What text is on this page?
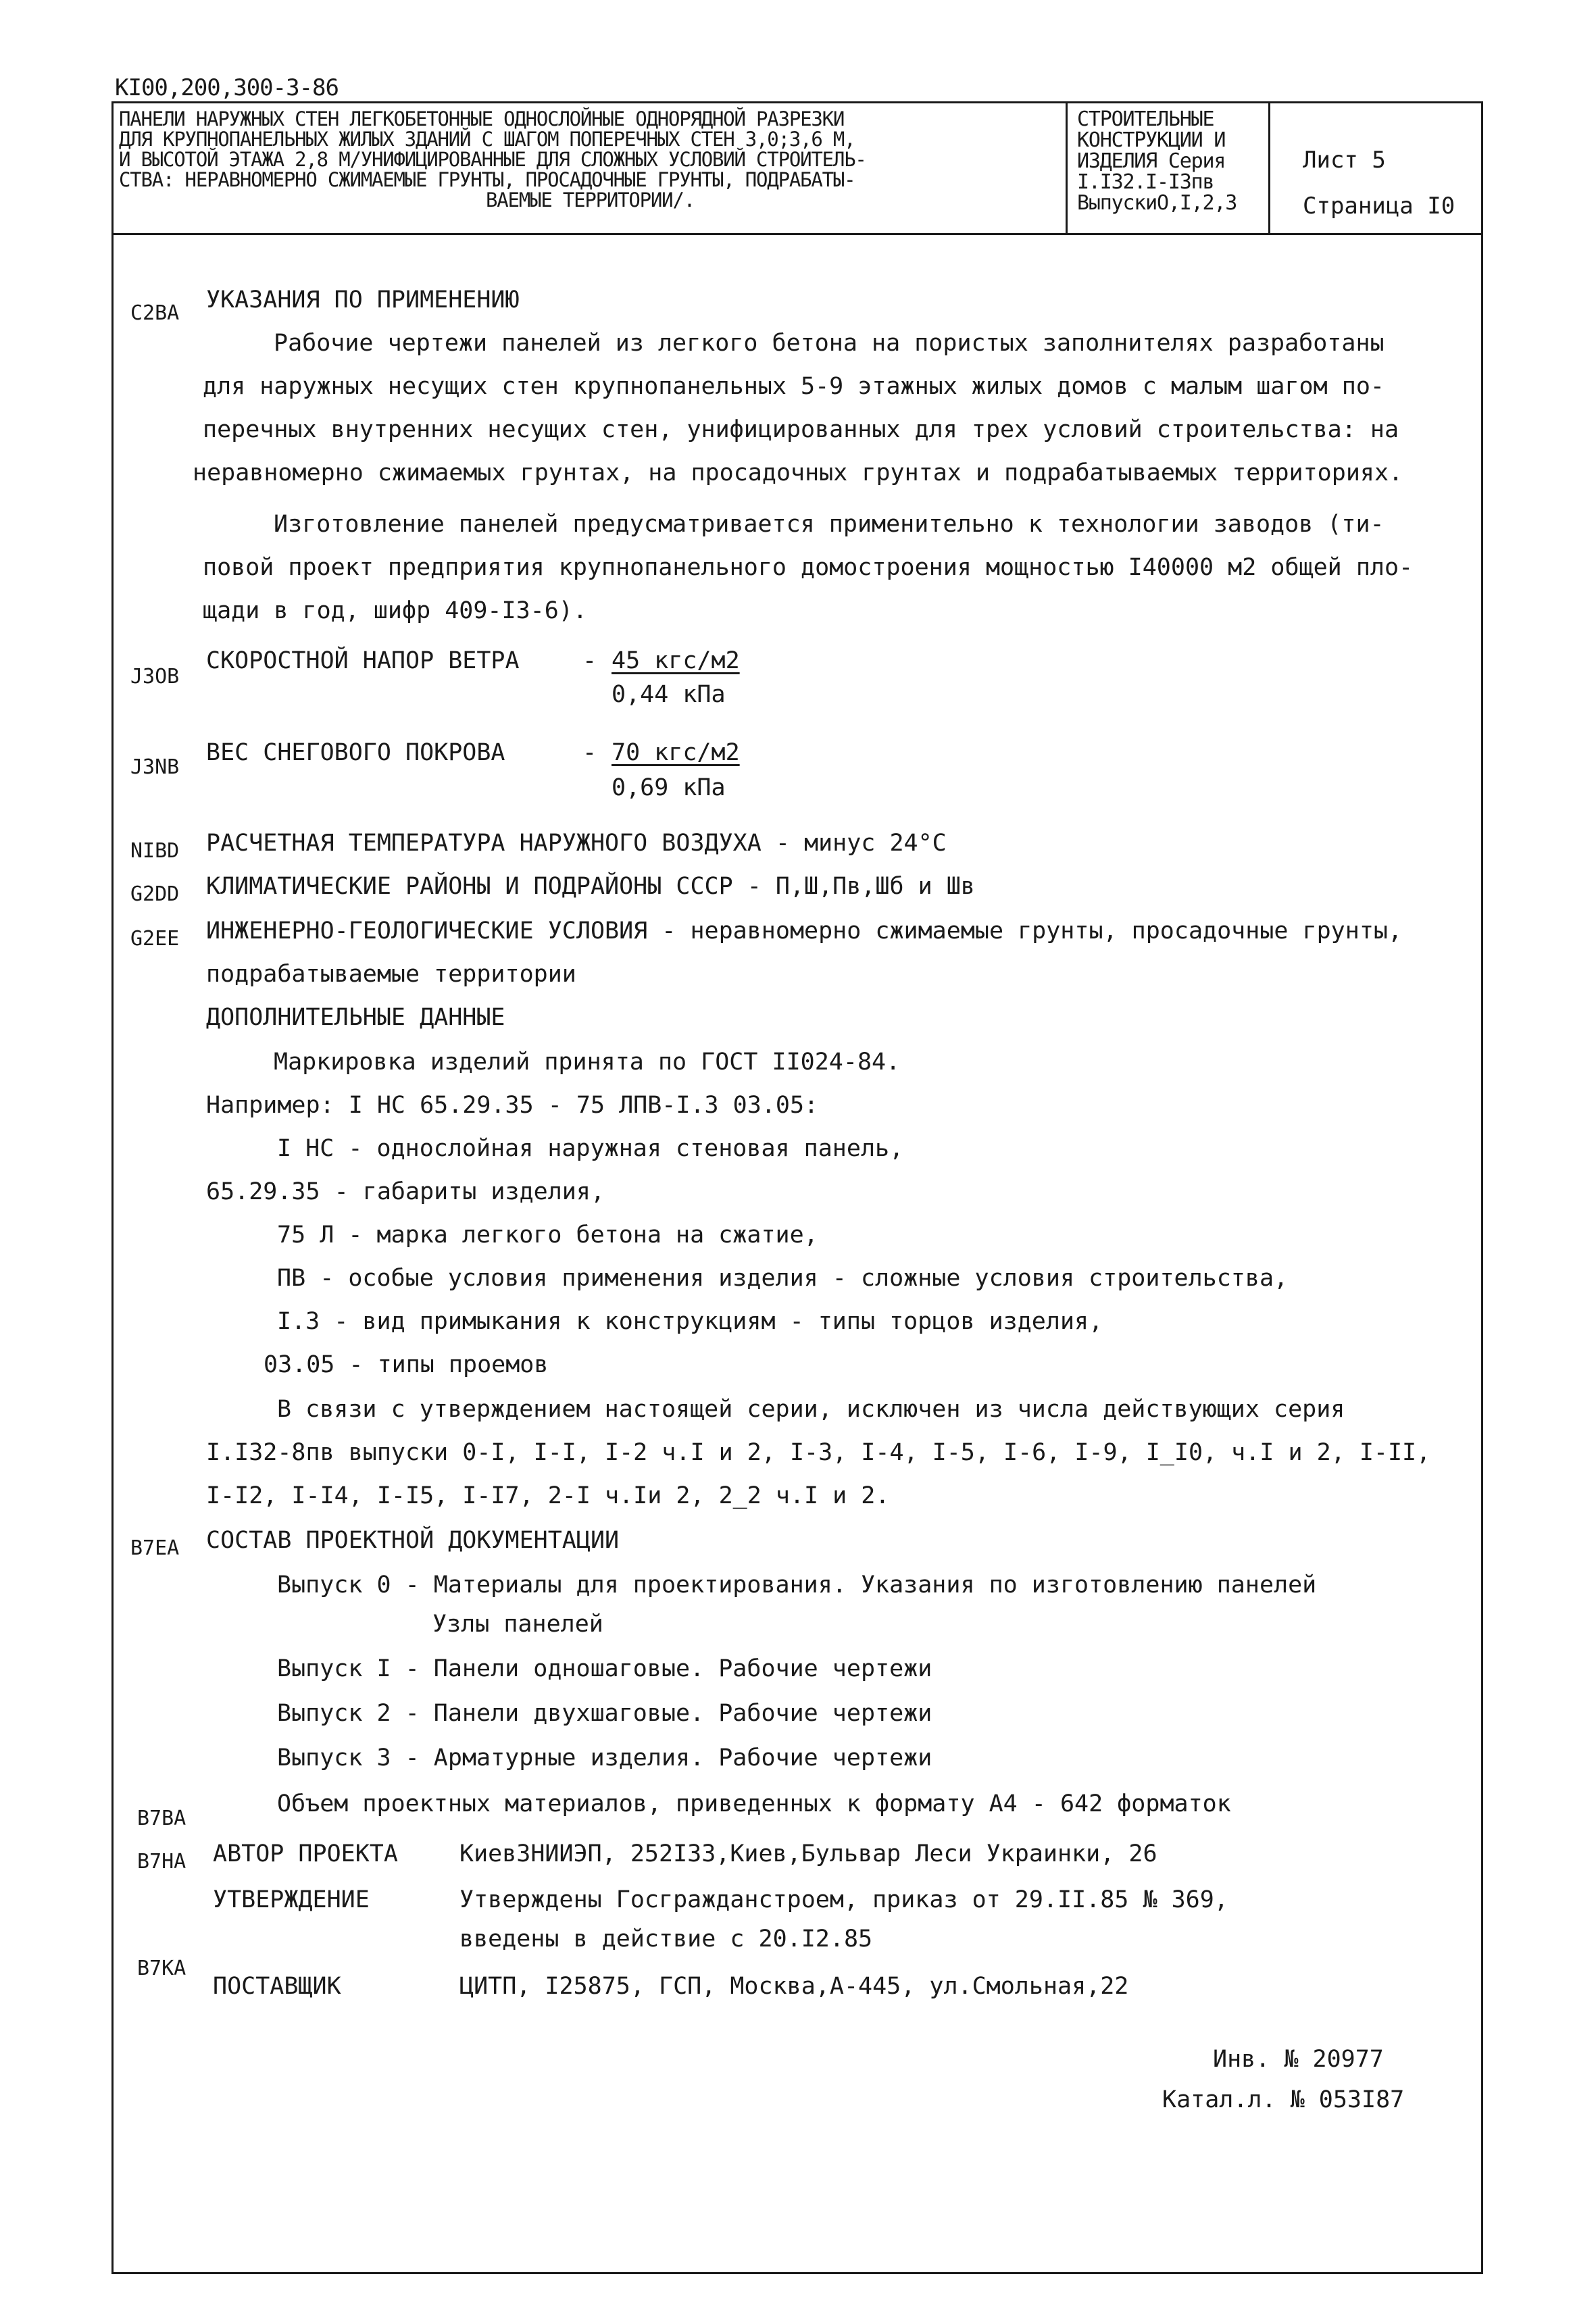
КI00,200,300-3-86
ПАНЕЛИ НАРУЖНЫХ СТЕН ЛЕГКОБЕТОННЫЕ ОДНОСЛОЙНЫЕ ОДНОРЯДНОЙ РАЗРЕЗКИ
ДЛЯ КРУПНОПАНЕЛЬНЫХ ЖИЛЫХ ЗДАНИЙ С ШАГОМ ПОПЕРЕЧНЫХ СТЕН 3,0;3,6 М,
И ВЫСОТОЙ ЭТАЖА 2,8 М/УНИФИЦИРОВАННЫЕ ДЛЯ СЛОЖНЫХ УСЛОВИЙ СТРОИТЕЛЬ-
СТВА: НЕРАВНОМЕРНО СЖИМАЕМЫЕ ГРУНТЫ, ПРОСАДОЧНЫЕ ГРУНТЫ, ПОДРАБАТЫ-
ВАЕМЫЕ ТЕРРИТОРИИ/.
СТРОИТЕЛЬНЫЕ
КОНСТРУКЦИИ И
ИЗДЕЛИЯ Серия
I.I32.I-I3пв
ВыпускиО,I,2,3
Лист 5
Страница I0
C2BA УКАЗАНИЯ ПО ПРИМЕНЕНИЮ
Рабочие чертежи панелей из легкого бетона на пористых заполнителях разработаны
для наружных несущих стен крупнопанельных 5-9 этажных жилых домов с малым шагом по-
перечных внутренних несущих стен, унифицированных для трех условий строительства: на
неравномерно сжимаемых грунтах, на просадочных грунтах и подрабатываемых территориях.
Изготовление панелей предусматривается применительно к технологии заводов (ти-
повой проект предприятия крупнопанельного домостроения мощностью I40000 м2 общей пло-
щади в год, шифр 409-I3-6).
J3OB
СКОРОСТНОЙ НАПОР ВЕТРА	- 45 кгс/м2
0,44 кПа
J3NB
ВЕС СНЕГОВОГО ПОКРОВА	- 70 кгс/м2
0,69 кПа
NIBD РАСЧЕТНАЯ ТЕМПЕРАТУРА НАРУЖНОГО ВОЗДУХА - минус 24°C
G2DD КЛИМАТИЧЕСКИЕ РАЙОНЫ И ПОДРАЙОНЫ СССР - П,Ш,Пв,Шб и Шв
G2EE ИНЖЕНЕРНО-ГЕОЛОГИЧЕСКИЕ УСЛОВИЯ - неравномерно сжимаемые грунты, просадочные грунты,
подрабатываемые территории
ДОПОЛНИТЕЛЬНЫЕ ДАННЫЕ
Маркировка изделий принята по ГОСТ II024-84.
Например: I НС 65.29.35 - 75 ЛПВ-I.3 03.05:
I НС - однослойная наружная стеновая панель,
65.29.35 - габариты изделия,
75 Л - марка легкого бетона на сжатие,
ПВ - особые условия применения изделия - сложные условия строительства,
I.3 - вид примыкания к конструкциям - типы торцов изделия,
03.05 - типы проемов
В связи с утверждением настоящей серии, исключен из числа действующих серия
I.I32-8пв выпуски 0-I, I-I, I-2 ч.I и 2, I-3, I-4, I-5, I-6, I-9, I_I0, ч.I и 2, I-II,
I-I2, I-I4, I-I5, I-I7, 2-I ч.Iи 2, 2_2 ч.I и 2.
B7EA СОСТАВ ПРОЕКТНОЙ ДОКУМЕНТАЦИИ
Выпуск 0 - Материалы для проектирования. Указания по изготовлению панелей
Узлы панелей
Выпуск I - Панели одношаговые. Рабочие чертежи
Выпуск 2 - Панели двухшаговые. Рабочие чертежи
Выпуск 3 - Арматурные изделия. Рабочие чертежи
B7BA
Объем проектных материалов, приведенных к формату А4 - 642 форматок
B7HA АВТОР ПРОЕКТА	КиевЗНИИЭП, 252I33,Киев,Бульвар Леси Украинки, 26
УТВЕРЖДЕНИЕ	Утверждены Госгражданстроем, приказ от 29.II.85 № 369,
введены в действие с 20.I2.85
B7KA
ПОСТАВЩИК	ЦИТП, I25875, ГСП, Москва,А-445, ул.Смольная,22
Инв. № 20977
Катал.л. № 053I87
